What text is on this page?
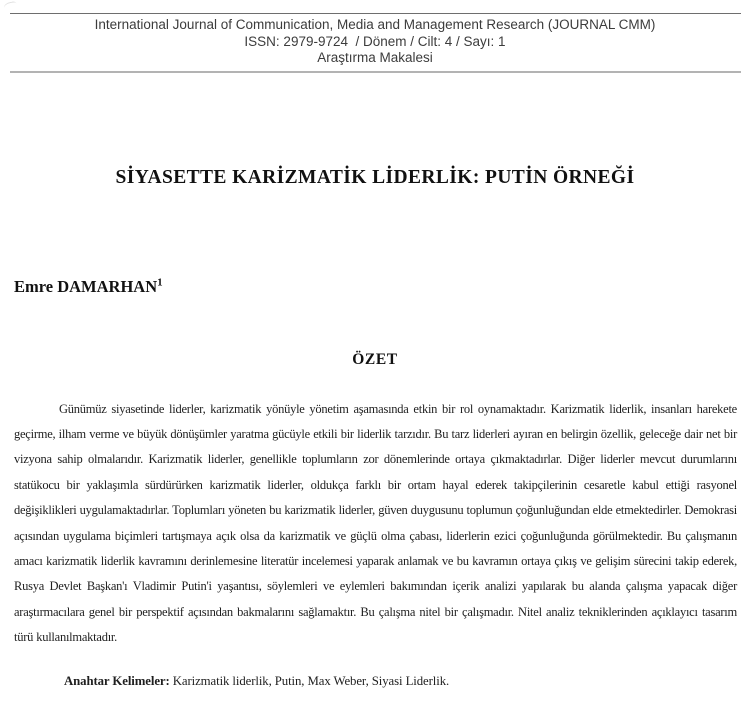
International Journal of Communication, Media and Management Research (JOURNAL CMM)
ISSN: 2979-9724  / Dönem / Cilt: 4 / Sayı: 1
Araştırma Makalesi
SİYASETTE KARİZMATİK LİDERLİK: PUTİN ÖRNEĞİ
Emre DAMARHAN$^1$
ÖZET

Günümüz siyasetinde liderler, karizmatik yönüyle yönetim aşamasında etkin bir rol oynamaktadır. Karizmatik liderlik, insanları harekete geçirme, ilham verme ve büyük dönüşümler yaratma gücüyle etkili bir liderlik tarzıdır. Bu tarz liderleri ayıran en belirgin özellik, geleceğe dair net bir vizyona sahip olmalarıdır. Karizmatik liderler, genellikle toplumların zor dönemlerinde ortaya çıkmaktadırlar. Diğer liderler mevcut durumlarını statükocu bir yaklaşımla sürdürürken karizmatik liderler, oldukça farklı bir ortam hayal ederek takipçilerinin cesaretle kabul ettiği rasyonel değişiklikleri uygulamaktadırlar. Toplumları yöneten bu karizmatik liderler, güven duygusunu toplumun çoğunluğundan elde etmektedirler. Demokrasi açısından uygulama biçimleri tartışmaya açık olsa da karizmatik ve güçlü olma çabası, liderlerin ezici çoğunluğunda görülmektedir. Bu çalışmanın amacı karizmatik liderlik kavramını derinlemesine literatür incelemesi yaparak anlamak ve bu kavramın ortaya çıkış ve gelişim sürecini takip ederek, Rusya Devlet Başkan'ı Vladimir Putin'i yaşantısı, söylemleri ve eylemleri bakımından içerik analizi yapılarak bu alanda çalışma yapacak diğer araştırmacılara genel bir perspektif açısından bakmalarını sağlamaktır. Bu çalışma nitel bir çalışmadır. Nitel analiz tekniklerinden açıklayıcı tasarım türü kullanılmaktadır.

Anahtar Kelimeler: Karizmatik liderlik, Putin, Max Weber, Siyasi Liderlik.
